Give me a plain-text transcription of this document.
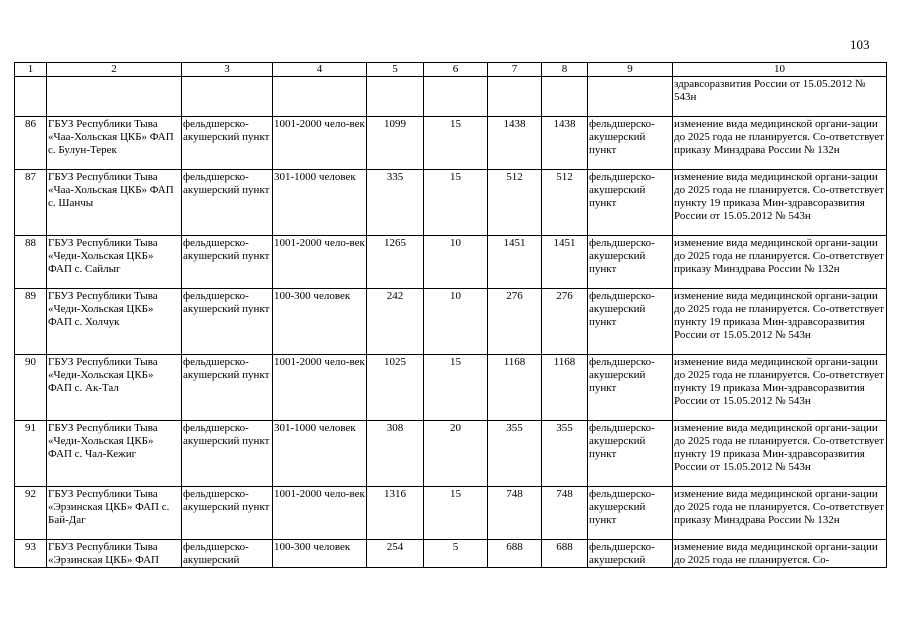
103
1	2	3	4	5	6	7	8	9	10
									здравсоразвития России от 15.05.2012 № 543н
86	ГБУЗ Республики Тыва «Чаа-Хольская ЦКБ» ФАП с. Булун-Терек	фельдшерско-акушерский пункт	1001-2000 чело-век	1099	15	1438	1438	фельдшерско-акушерский пункт	изменение вида медицинской органи-зации до 2025 года не планируется. Со-ответствует приказу Минздрава России № 132н
87	ГБУЗ Республики Тыва «Чаа-Хольская ЦКБ» ФАП с. Шанчы	фельдшерско-акушерский пункт	301-1000 человек	335	15	512	512	фельдшерско-акушерский пункт	изменение вида медицинской органи-зации до 2025 года не планируется. Со-ответствует пункту 19 приказа Мин-здравсоразвития России от 15.05.2012 № 543н
88	ГБУЗ Республики Тыва «Чеди-Хольская ЦКБ» ФАП с. Сайлыг	фельдшерско-акушерский пункт	1001-2000 чело-век	1265	10	1451	1451	фельдшерско-акушерский пункт	изменение вида медицинской органи-зации до 2025 года не планируется. Со-ответствует приказу Минздрава России № 132н
89	ГБУЗ Республики Тыва «Чеди-Хольская ЦКБ» ФАП с. Холчук	фельдшерско-акушерский пункт	100-300 человек	242	10	276	276	фельдшерско-акушерский пункт	изменение вида медицинской органи-зации до 2025 года не планируется. Со-ответствует пункту 19 приказа Мин-здравсоразвития России от 15.05.2012 № 543н
90	ГБУЗ Республики Тыва «Чеди-Хольская ЦКБ» ФАП с. Ак-Тал	фельдшерско-акушерский пункт	1001-2000 чело-век	1025	15	1168	1168	фельдшерско-акушерский пункт	изменение вида медицинской органи-зации до 2025 года не планируется. Со-ответствует пункту 19 приказа Мин-здравсоразвития России от 15.05.2012 № 543н
91	ГБУЗ Республики Тыва «Чеди-Хольская ЦКБ» ФАП с. Чал-Кежиг	фельдшерско-акушерский пункт	301-1000 человек	308	20	355	355	фельдшерско-акушерский пункт	изменение вида медицинской органи-зации до 2025 года не планируется. Со-ответствует пункту 19 приказа Мин-здравсоразвития России от 15.05.2012 № 543н
92	ГБУЗ Республики Тыва «Эрзинская ЦКБ» ФАП с. Бай-Даг	фельдшерско-акушерский пункт	1001-2000 чело-век	1316	15	748	748	фельдшерско-акушерский пункт	изменение вида медицинской органи-зации до 2025 года не планируется. Со-ответствует приказу Минздрава России № 132н
93	ГБУЗ Республики Тыва «Эрзинская ЦКБ» ФАП	фельдшерско-акушерский	100-300 человек	254	5	688	688	фельдшерско-акушерский	изменение вида медицинской органи-зации до 2025 года не планируется. Со-
